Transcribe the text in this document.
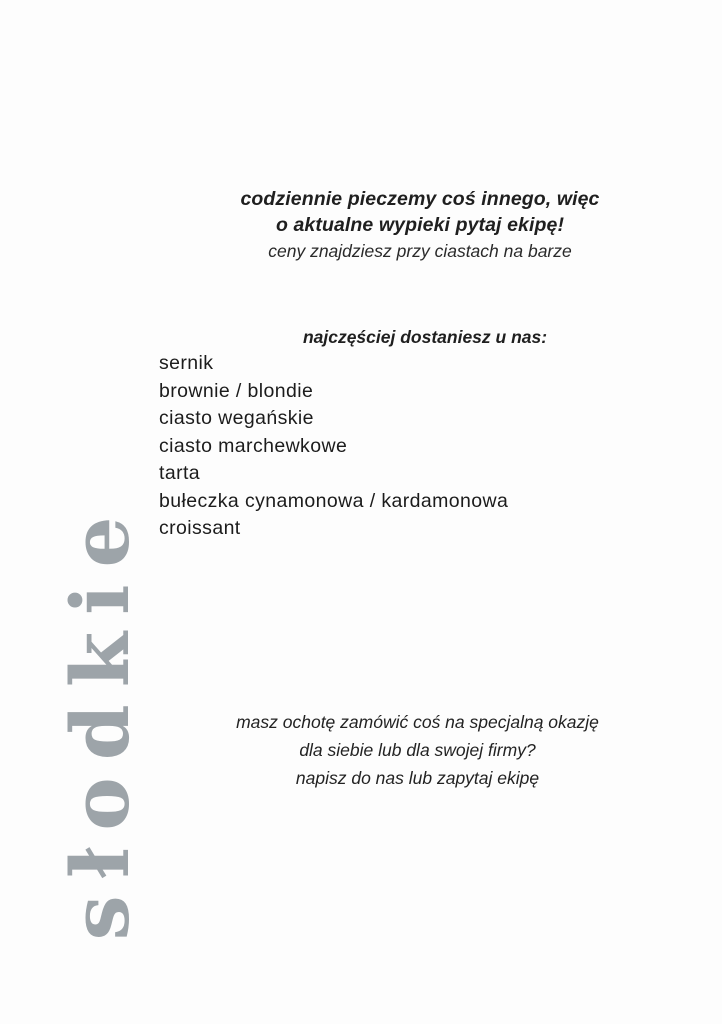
codziennie pieczemy coś innego, więc
o aktualne wypieki pytaj ekipę!
ceny znajdziesz przy ciastach na barze
najczęściej dostaniesz u nas:
sernik
brownie / blondie
ciasto wegańskie
ciasto marchewkowe
tarta
bułeczka cynamonowa / kardamonowa
croissant
masz ochotę zamówić coś na specjalną okazję
dla siebie lub dla swojej firmy?
napisz do nas lub zapytaj ekipę
słodkie
